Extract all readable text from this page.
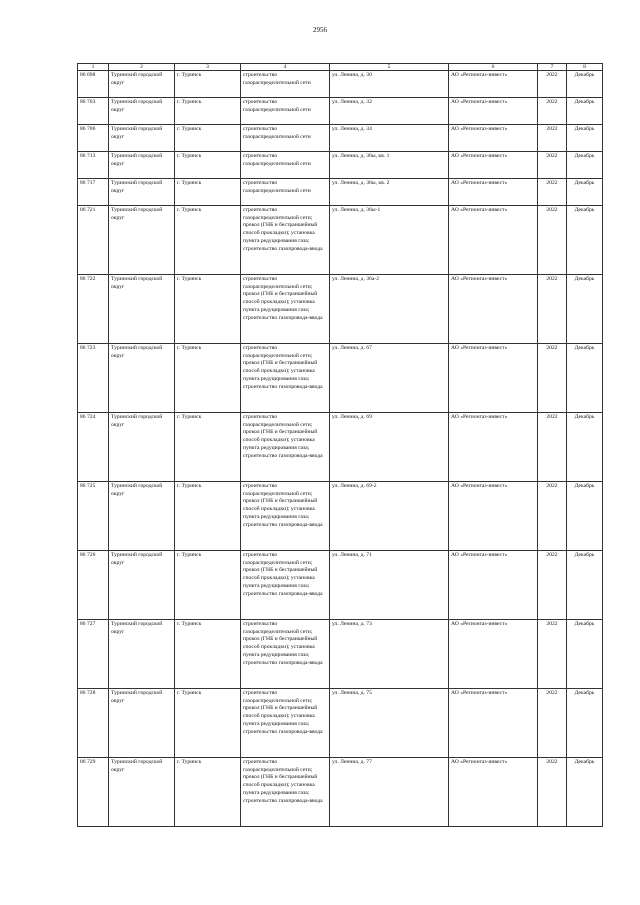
2956
1	2	3	4	5	6	7	8
86 698	Туринский городской округ	г. Туринск	строительство газораспределительной сети	ул. Ленина, д. 30	АО «Регионгаз-инвест»	2022	Декабрь
86 703	Туринский городской округ	г. Туринск	строительство газораспределительной сети	ул. Ленина, д. 32	АО «Регионгаз-инвест»	2022	Декабрь
86 706	Туринский городской округ	г. Туринск	строительство газораспределительной сети	ул. Ленина, д. 34	АО «Регионгаз-инвест»	2022	Декабрь
86 713	Туринский городской округ	г. Туринск	строительство газораспределительной сети	ул. Ленина, д. 36ы, кв. 1	АО «Регионгаз-инвест»	2022	Декабрь
86 717	Туринский городской округ	г. Туринск	строительство газораспределительной сети	ул. Ленина, д. 36ы, кв. 2	АО «Регионгаз-инвест»	2022	Декабрь
86 721	Туринский городской округ	г. Туринск	строительство газораспределительной сети; прокол (ГНБ и бестраншейный способ прокладки); установка пункта редуцирования газа; строительство газопровода-ввода	ул. Ленина, д. 36ы-1	АО «Регионгаз-инвест»	2022	Декабрь
86 722	Туринский городской округ	г. Туринск	строительство газораспределительной сети; прокол (ГНБ и бестраншейный способ прокладки); установка пункта редуцирования газа; строительство газопровода-ввода	ул. Ленина, д. 36а-2	АО «Регионгаз-инвест»	2022	Декабрь
86 723	Туринский городской округ	г. Туринск	строительство газораспределительной сети; прокол (ГНБ и бестраншейный способ прокладки); установка пункта редуцирования газа; строительство газопровода-ввода	ул. Ленина, д. 67	АО «Регионгаз-инвест»	2022	Декабрь
86 724	Туринский городской округ	г. Туринск	строительство газораспределительной сети; прокол (ГНБ и бестраншейный способ прокладки); установка пункта редуцирования газа; строительство газопровода-ввода	ул. Ленина, д. 69	АО «Регионгаз-инвест»	2022	Декабрь
86 725	Туринский городской округ	г. Туринск	строительство газораспределительной сети; прокол (ГНБ и бестраншейный способ прокладки); установка пункта редуцирования газа; строительство газопровода-ввода	ул. Ленина, д. 69-2	АО «Регионгаз-инвест»	2022	Декабрь
86 726	Туринский городской округ	г. Туринск	строительство газораспределительной сети; прокол (ГНБ и бестраншейный способ прокладки); установка пункта редуцирования газа; строительство газопровода-ввода	ул. Ленина, д. 71	АО «Регионгаз-инвест»	2022	Декабрь
86 727	Туринский городской округ	г. Туринск	строительство газораспределительной сети; прокол (ГНБ и бестраншейный способ прокладки); установка пункта редуцирования газа; строительство газопровода-ввода	ул. Ленина, д. 73	АО «Регионгаз-инвест»	2022	Декабрь
86 728	Туринский городской округ	г. Туринск	строительство газораспределительной сети; прокол (ГНБ и бестраншейный способ прокладки); установка пункта редуцирования газа; строительство газопровода-ввода	ул. Ленина, д. 75	АО «Регионгаз-инвест»	2022	Декабрь
86 729	Туринский городской округ	г. Туринск	строительство газораспределительной сети; прокол (ГНБ и бестраншейный способ прокладки); установка пункта редуцирования газа; строительство газопровода-ввода	ул. Ленина, д. 77	АО «Регионгаз-инвест»	2022	Декабрь
